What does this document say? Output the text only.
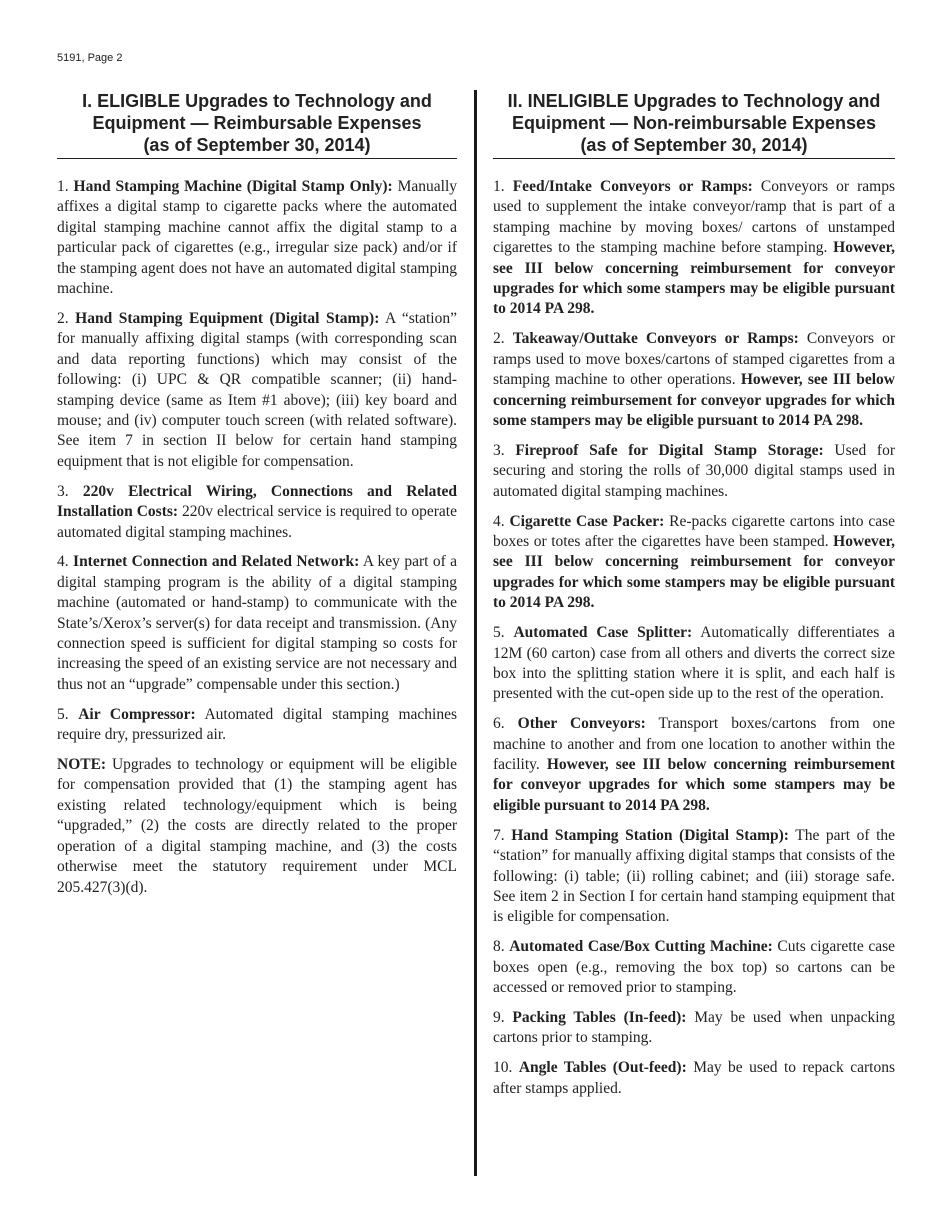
5191, Page 2
I. ELIGIBLE Upgrades to Technology and
Equipment — Reimbursable Expenses
(as of September 30, 2014)

1. Hand Stamping Machine (Digital Stamp Only): Manually affixes a digital stamp to cigarette packs where the automated digital stamping machine cannot affix the digital stamp to a particular pack of cigarettes (e.g., irregular size pack) and/or if the stamping agent does not have an automated digital stamping machine.

2. Hand Stamping Equipment (Digital Stamp): A “station” for manually affixing digital stamps (with corresponding scan and data reporting functions) which may consist of the following: (i) UPC & QR compatible scanner; (ii) hand-stamping device (same as Item #1 above); (iii) key board and mouse; and (iv) computer touch screen (with related software). See item 7 in section II below for certain hand stamping equipment that is not eligible for compensation.

3. 220v Electrical Wiring, Connections and Related Installation Costs: 220v electrical service is required to operate automated digital stamping machines.

4. Internet Connection and Related Network: A key part of a digital stamping program is the ability of a digital stamping machine (automated or hand-stamp) to communicate with the State’s/Xerox’s server(s) for data receipt and transmission. (Any connection speed is sufficient for digital stamping so costs for increasing the speed of an existing service are not necessary and thus not an “upgrade” compensable under this section.)

5. Air Compressor: Automated digital stamping machines require dry, pressurized air.

NOTE: Upgrades to technology or equipment will be eligible for compensation provided that (1) the stamping agent has existing related technology/equipment which is being “upgraded,” (2) the costs are directly related to the proper operation of a digital stamping machine, and (3) the costs otherwise meet the statutory requirement under MCL 205.427(3)(d).

II. INELIGIBLE Upgrades to Technology and
Equipment — Non-reimbursable Expenses
(as of September 30, 2014)

1. Feed/Intake Conveyors or Ramps: Conveyors or ramps used to supplement the intake conveyor/ramp that is part of a stamping machine by moving boxes/ cartons of unstamped cigarettes to the stamping machine before stamping. However, see III below concerning reimbursement for conveyor upgrades for which some stampers may be eligible pursuant to 2014 PA 298.

2. Takeaway/Outtake Conveyors or Ramps: Conveyors or ramps used to move boxes/cartons of stamped cigarettes from a stamping machine to other operations. However, see III below concerning reimbursement for conveyor upgrades for which some stampers may be eligible pursuant to 2014 PA 298.

3. Fireproof Safe for Digital Stamp Storage: Used for securing and storing the rolls of 30,000 digital stamps used in automated digital stamping machines.

4. Cigarette Case Packer: Re-packs cigarette cartons into case boxes or totes after the cigarettes have been stamped. However, see III below concerning reimbursement for conveyor upgrades for which some stampers may be eligible pursuant to 2014 PA 298.

5. Automated Case Splitter: Automatically differentiates a 12M (60 carton) case from all others and diverts the correct size box into the splitting station where it is split, and each half is presented with the cut-open side up to the rest of the operation.

6. Other Conveyors: Transport boxes/cartons from one machine to another and from one location to another within the facility. However, see III below concerning reimbursement for conveyor upgrades for which some stampers may be eligible pursuant to 2014 PA 298.

7. Hand Stamping Station (Digital Stamp): The part of the “station” for manually affixing digital stamps that consists of the following: (i) table; (ii) rolling cabinet; and (iii) storage safe. See item 2 in Section I for certain hand stamping equipment that is eligible for compensation.

8. Automated Case/Box Cutting Machine: Cuts cigarette case boxes open (e.g., removing the box top) so cartons can be accessed or removed prior to stamping.

9. Packing Tables (In-feed): May be used when unpacking cartons prior to stamping.

10. Angle Tables (Out-feed): May be used to repack cartons after stamps applied.
